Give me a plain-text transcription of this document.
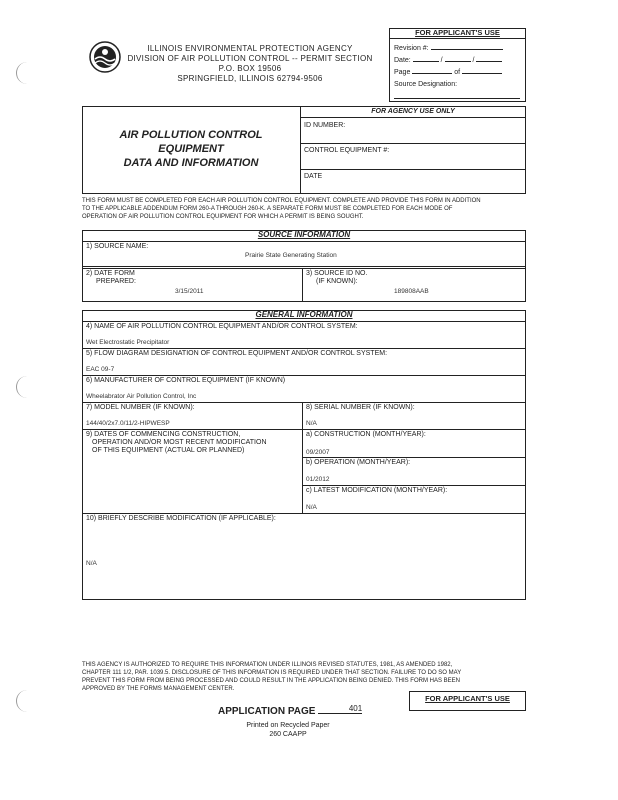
ILLINOIS ENVIRONMENTAL PROTECTION AGENCY
DIVISION OF AIR POLLUTION CONTROL -- PERMIT SECTION
P.O. BOX 19506
SPRINGFIELD, ILLINOIS 62794-9506
FOR APPLICANT'S USE
Revision #:
Date:	/	/
Page	of
Source Designation:
AIR POLLUTION CONTROL
EQUIPMENT
DATA AND INFORMATION
FOR AGENCY USE ONLY
ID NUMBER:
CONTROL EQUIPMENT #:
DATE
THIS FORM MUST BE COMPLETED FOR EACH AIR POLLUTION CONTROL EQUIPMENT. COMPLETE AND PROVIDE THIS FORM IN ADDITION
TO THE APPLICABLE ADDENDUM FORM 260-A THROUGH 260-K. A SEPARATE FORM MUST BE COMPLETED FOR EACH MODE OF
OPERATION OF AIR POLLUTION CONTROL EQUIPMENT FOR WHICH A PERMIT IS BEING SOUGHT.
SOURCE INFORMATION
1) SOURCE NAME:
Prairie State Generating Station
2) DATE FORM
PREPARED:
3/15/2011
3) SOURCE ID NO.
(IF KNOWN):
189808AAB
GENERAL INFORMATION
4) NAME OF AIR POLLUTION CONTROL EQUIPMENT AND/OR CONTROL SYSTEM:
Wet Electrostatic Precipitator
5) FLOW DIAGRAM DESIGNATION OF CONTROL EQUIPMENT AND/OR CONTROL SYSTEM:
EAC 09-7
6) MANUFACTURER OF CONTROL EQUIPMENT (IF KNOWN)
Wheelabrator Air Pollution Control, Inc
7) MODEL NUMBER (IF KNOWN):
144/40/2x7.0/11/2-HIPWESP
8) SERIAL NUMBER (IF KNOWN):
N/A
9) DATES OF COMMENCING CONSTRUCTION,
OPERATION AND/OR MOST RECENT MODIFICATION
OF THIS EQUIPMENT (ACTUAL OR PLANNED)
a) CONSTRUCTION (MONTH/YEAR):
09/2007
b) OPERATION (MONTH/YEAR):
01/2012
c) LATEST MODIFICATION (MONTH/YEAR):
N/A
10) BRIEFLY DESCRIBE MODIFICATION (IF APPLICABLE):
N/A
THIS AGENCY IS AUTHORIZED TO REQUIRE THIS INFORMATION UNDER ILLINOIS REVISED STATUTES, 1981, AS AMENDED 1982,
CHAPTER 111 1/2, PAR. 1039.5. DISCLOSURE OF THIS INFORMATION IS REQUIRED UNDER THAT SECTION. FAILURE TO DO SO MAY
PREVENT THIS FORM FROM BEING PROCESSED AND COULD RESULT IN THE APPLICATION BEING DENIED. THIS FORM HAS BEEN
APPROVED BY THE FORMS MANAGEMENT CENTER.
FOR APPLICANT'S USE
APPLICATION PAGE	401
Printed on Recycled Paper
260 CAAPP
